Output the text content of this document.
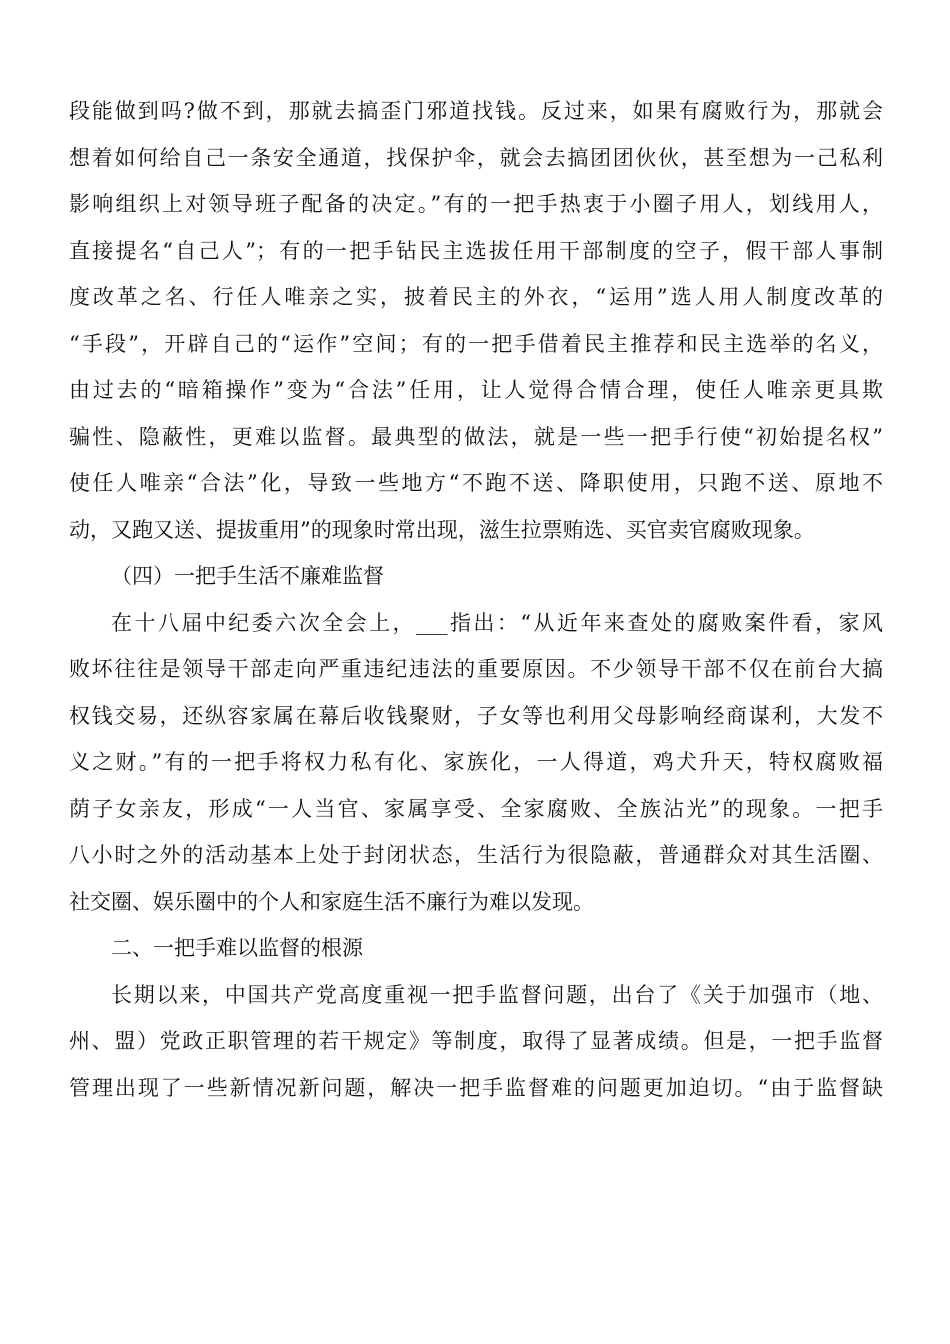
段能做到吗?做不到，那就去搞歪门邪道找钱。反过来，如果有腐败行为，那就会
想着如何给自己一条安全通道，找保护伞，就会去搞团团伙伙，甚至想为一己私利
影响组织上对领导班子配备的决定。”有的一把手热衷于小圈子用人，划线用人，
直接提名“自己人”；有的一把手钻民主选拔任用干部制度的空子，假干部人事制
度改革之名、行任人唯亲之实，披着民主的外衣，“运用”选人用人制度改革的
“手段”，开辟自己的“运作”空间；有的一把手借着民主推荐和民主选举的名义，
由过去的“暗箱操作”变为“合法”任用，让人觉得合情合理，使任人唯亲更具欺
骗性、隐蔽性，更难以监督。最典型的做法，就是一些一把手行使“初始提名权”
使任人唯亲“合法”化，导致一些地方“不跑不送、降职使用，只跑不送、原地不
动，又跑又送、提拔重用”的现象时常出现，滋生拉票贿选、买官卖官腐败现象。
（四）一把手生活不廉难监督
在十八届中纪委六次全会上，___指出：“从近年来查处的腐败案件看，家风
败坏往往是领导干部走向严重违纪违法的重要原因。不少领导干部不仅在前台大搞
权钱交易，还纵容家属在幕后收钱聚财，子女等也利用父母影响经商谋利，大发不
义之财。”有的一把手将权力私有化、家族化，一人得道，鸡犬升天，特权腐败福
荫子女亲友，形成“一人当官、家属享受、全家腐败、全族沾光”的现象。一把手
八小时之外的活动基本上处于封闭状态，生活行为很隐蔽，普通群众对其生活圈、
社交圈、娱乐圈中的个人和家庭生活不廉行为难以发现。
二、一把手难以监督的根源
长期以来，中国共产党高度重视一把手监督问题，出台了《关于加强市（地、
州、盟）党政正职管理的若干规定》等制度，取得了显著成绩。但是，一把手监督
管理出现了一些新情况新问题，解决一把手监督难的问题更加迫切。“由于监督缺
